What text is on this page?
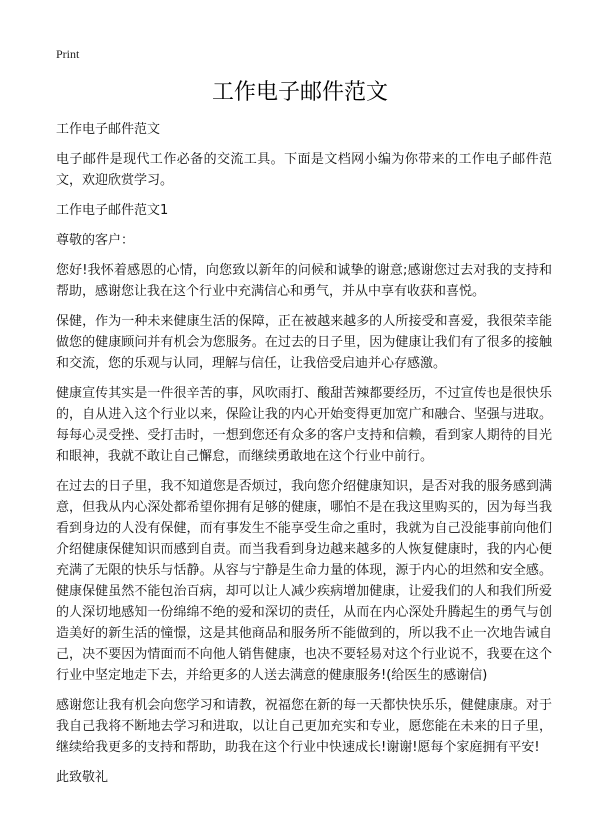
Print
工作电子邮件范文

工作电子邮件范文

电子邮件是现代工作必备的交流工具。下面是文档网小编为你带来的工作电子邮件范文，欢迎欣赏学习。

工作电子邮件范文1

尊敬的客户：

您好!我怀着感恩的心情，向您致以新年的问候和诚挚的谢意;感谢您过去对我的支持和帮助，感谢您让我在这个行业中充满信心和勇气，并从中享有收获和喜悦。

保健，作为一种未来健康生活的保障，正在被越来越多的人所接受和喜爱，我很荣幸能做您的健康顾问并有机会为您服务。在过去的日子里，因为健康让我们有了很多的接触和交流，您的乐观与认同，理解与信任，让我倍受启迪并心存感激。

健康宣传其实是一件很辛苦的事，风吹雨打、酸甜苦辣都要经历，不过宣传也是很快乐的，自从进入这个行业以来，保险让我的内心开始变得更加宽广和融合、坚强与进取。每每心灵受挫、受打击时，一想到您还有众多的客户支持和信赖，看到家人期待的目光和眼神，我就不敢让自己懈怠，而继续勇敢地在这个行业中前行。

在过去的日子里，我不知道您是否烦过，我向您介绍健康知识，是否对我的服务感到满意，但我从内心深处都希望你拥有足够的健康，哪怕不是在我这里购买的，因为每当我看到身边的人没有保健，而有事发生不能享受生命之重时，我就为自己没能事前向他们介绍健康保健知识而感到自责。而当我看到身边越来越多的人恢复健康时，我的内心便充满了无限的快乐与恬静。从容与宁静是生命力量的体现，源于内心的坦然和安全感。健康保健虽然不能包治百病，却可以让人减少疾病增加健康，让爱我们的人和我们所爱的人深切地感知一份绵绵不绝的爱和深切的责任，从而在内心深处升腾起生的勇气与创造美好的新生活的憧憬，这是其他商品和服务所不能做到的，所以我不止一次地告诫自己，决不要因为情面而不向他人销售健康，也决不要轻易对这个行业说不，我要在这个行业中坚定地走下去，并给更多的人送去满意的健康服务!(给医生的感谢信)

感谢您让我有机会向您学习和请教，祝福您在新的每一天都快快乐乐，健健康康。对于我自己我将不断地去学习和进取，以让自己更加充实和专业，愿您能在未来的日子里，继续给我更多的支持和帮助，助我在这个行业中快速成长!谢谢!愿每个家庭拥有平安!

此致敬礼
